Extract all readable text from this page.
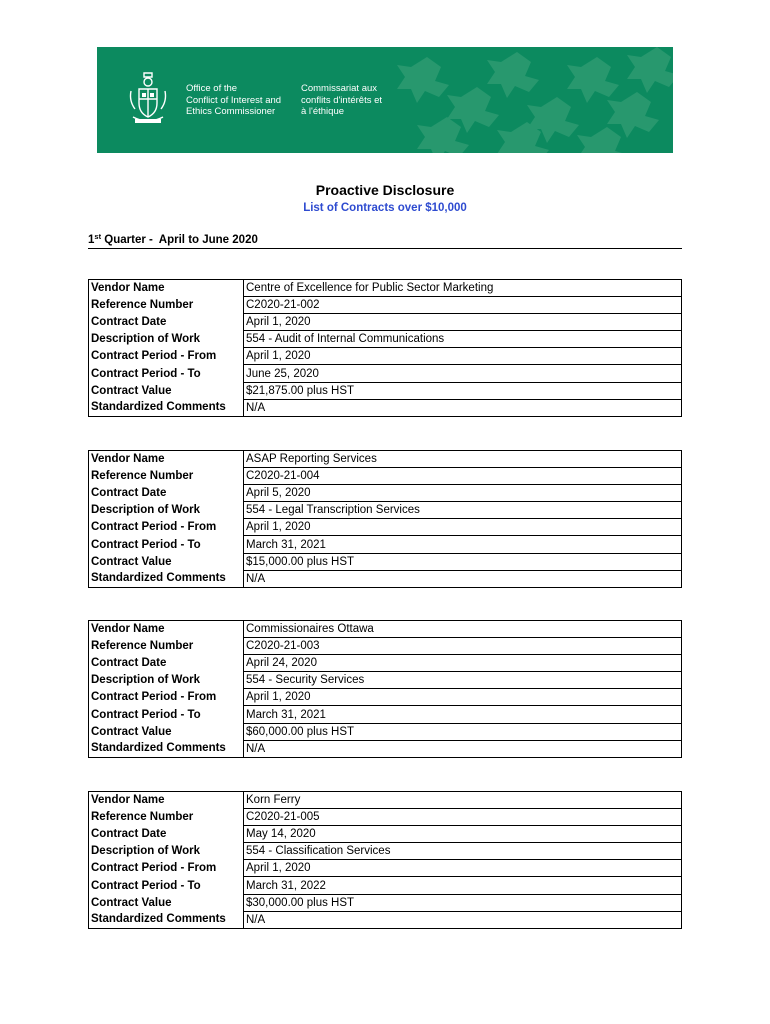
Office of the
Conflict of Interest and
Ethics Commissioner
Commissariat aux
conflits d'intérêts et
à l'éthique
Proactive Disclosure
List of Contracts over $10,000
1st Quarter -  April to June 2020
Vendor Name	Centre of Excellence for Public Sector Marketing
Reference Number	C2020-21-002
Contract Date	April 1, 2020
Description of Work	554 - Audit of Internal Communications
Contract Period - From	April 1, 2020
Contract Period - To	June 25, 2020
Contract Value	$21,875.00 plus HST
Standardized Comments	N/A
Vendor Name	ASAP Reporting Services
Reference Number	C2020-21-004
Contract Date	April 5, 2020
Description of Work	554 - Legal Transcription Services
Contract Period - From	April 1, 2020
Contract Period - To	March 31, 2021
Contract Value	$15,000.00 plus HST
Standardized Comments	N/A
Vendor Name	Commissionaires Ottawa
Reference Number	C2020-21-003
Contract Date	April 24, 2020
Description of Work	554 - Security Services
Contract Period - From	April 1, 2020
Contract Period - To	March 31, 2021
Contract Value	$60,000.00 plus HST
Standardized Comments	N/A
Vendor Name	Korn Ferry
Reference Number	C2020-21-005
Contract Date	May 14, 2020
Description of Work	554 - Classification Services
Contract Period - From	April 1, 2020
Contract Period - To	March 31, 2022
Contract Value	$30,000.00 plus HST
Standardized Comments	N/A
